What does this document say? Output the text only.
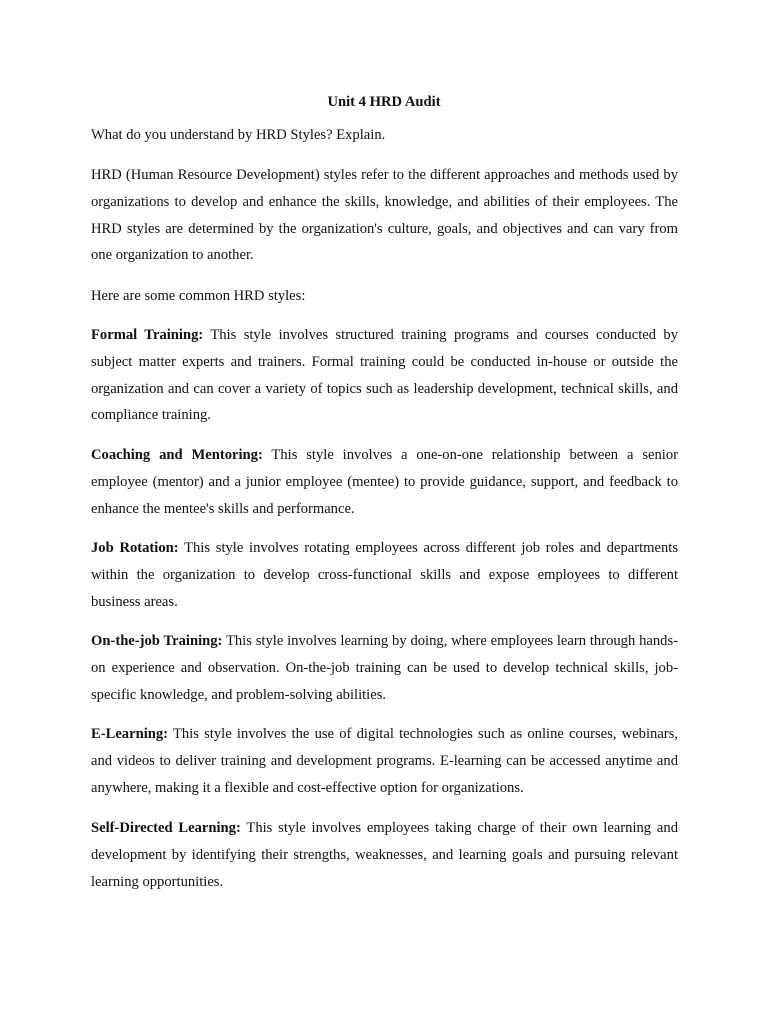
Unit 4 HRD Audit

What do you understand by HRD Styles? Explain.

HRD (Human Resource Development) styles refer to the different approaches and methods used by organizations to develop and enhance the skills, knowledge, and abilities of their employees. The HRD styles are determined by the organization's culture, goals, and objectives and can vary from one organization to another.

Here are some common HRD styles:

Formal Training: This style involves structured training programs and courses conducted by subject matter experts and trainers. Formal training could be conducted in-house or outside the organization and can cover a variety of topics such as leadership development, technical skills, and compliance training.

Coaching and Mentoring: This style involves a one-on-one relationship between a senior employee (mentor) and a junior employee (mentee) to provide guidance, support, and feedback to enhance the mentee's skills and performance.

Job Rotation: This style involves rotating employees across different job roles and departments within the organization to develop cross-functional skills and expose employees to different business areas.

On-the-job Training: This style involves learning by doing, where employees learn through hands-on experience and observation. On-the-job training can be used to develop technical skills, job-specific knowledge, and problem-solving abilities.

E-Learning: This style involves the use of digital technologies such as online courses, webinars, and videos to deliver training and development programs. E-learning can be accessed anytime and anywhere, making it a flexible and cost-effective option for organizations.

Self-Directed Learning: This style involves employees taking charge of their own learning and development by identifying their strengths, weaknesses, and learning goals and pursuing relevant learning opportunities.
